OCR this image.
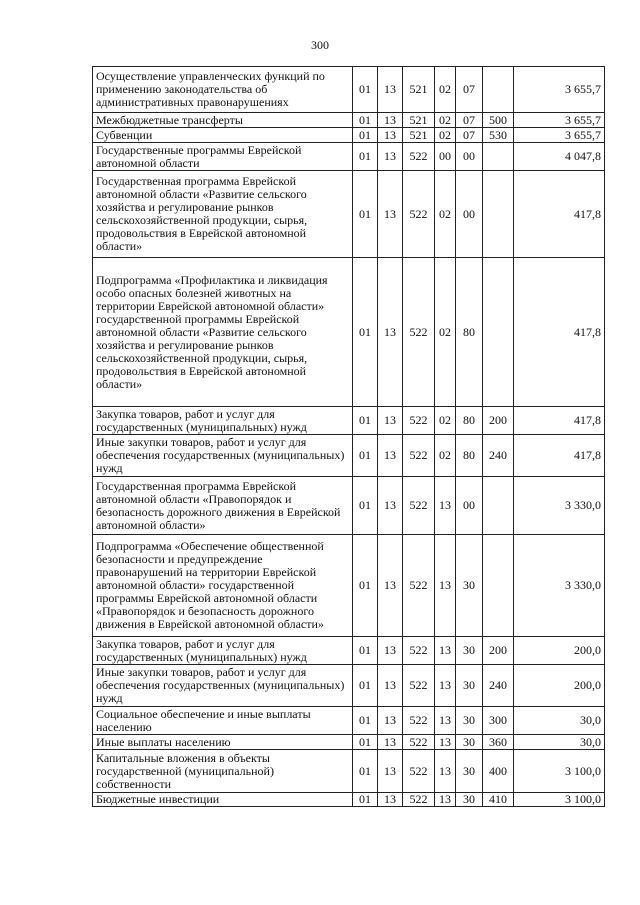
300
Осуществление управленческих функций по применению законодательства об административных правонарушениях	01	13	521	02	07		3 655,7
Межбюджетные трансферты	01	13	521	02	07	500	3 655,7
Субвенции	01	13	521	02	07	530	3 655,7
Государственные программы Еврейской автономной области	01	13	522	00	00		4 047,8
Государственная программа Еврейской автономной области «Развитие сельского хозяйства и регулирование рынков сельскохозяйственной продукции, сырья, продовольствия в Еврейской автономной области»	01	13	522	02	00		417,8
Подпрограмма «Профилактика и ликвидация особо опасных болезней животных на территории Еврейской автономной области» государственной программы Еврейской автономной области «Развитие сельского хозяйства и регулирование рынков сельскохозяйственной продукции, сырья, продовольствия в Еврейской автономной области»	01	13	522	02	80		417,8
Закупка товаров, работ и услуг для государственных (муниципальных) нужд	01	13	522	02	80	200	417,8
Иные закупки товаров, работ и услуг для обеспечения государственных (муниципальных) нужд	01	13	522	02	80	240	417,8
Государственная программа Еврейской автономной области «Правопорядок и безопасность дорожного движения в Еврейской автономной области»	01	13	522	13	00		3 330,0
Подпрограмма «Обеспечение общественной безопасности и предупреждение правонарушений на территории Еврейской автономной области» государственной программы Еврейской автономной области «Правопорядок и безопасность дорожного движения в Еврейской автономной области»	01	13	522	13	30		3 330,0
Закупка товаров, работ и услуг для государственных (муниципальных) нужд	01	13	522	13	30	200	200,0
Иные закупки товаров, работ и услуг для обеспечения государственных (муниципальных) нужд	01	13	522	13	30	240	200,0
Социальное обеспечение и иные выплаты населению	01	13	522	13	30	300	30,0
Иные выплаты населению	01	13	522	13	30	360	30,0
Капитальные вложения в объекты государственной (муниципальной) собственности	01	13	522	13	30	400	3 100,0
Бюджетные инвестиции	01	13	522	13	30	410	3 100,0
